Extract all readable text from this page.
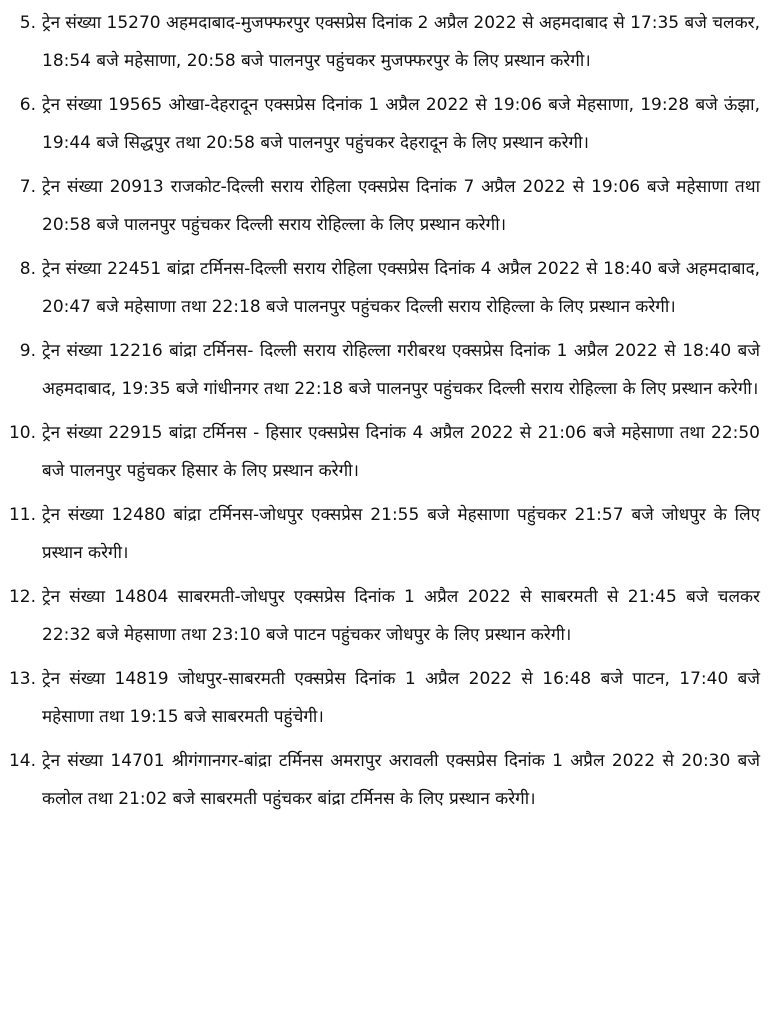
5. ट्रेन संख्या 15270 अहमदाबाद-मुजफ्फरपुर एक्सप्रेस दिनांक 2 अप्रैल 2022 से अहमदाबाद से 17:35 बजे चलकर, 18:54 बजे महेसाणा, 20:58 बजे पालनपुर पहुंचकर मुजफ्फरपुर के लिए प्रस्थान करेगी।

6. ट्रेन संख्या 19565 ओखा-देहरादून एक्सप्रेस दिनांक 1 अप्रैल 2022 से 19:06 बजे मेहसाणा, 19:28 बजे ऊंझा, 19:44 बजे सिद्धपुर तथा 20:58 बजे पालनपुर पहुंचकर देहरादून के लिए प्रस्थान करेगी।

7. ट्रेन संख्या 20913 राजकोट-दिल्ली सराय रोहिला एक्सप्रेस दिनांक 7 अप्रैल 2022 से 19:06 बजे महेसाणा तथा 20:58 बजे पालनपुर पहुंचकर दिल्ली सराय रोहिल्ला के लिए प्रस्थान करेगी।

8. ट्रेन संख्या 22451 बांद्रा टर्मिनस-दिल्ली सराय रोहिला एक्सप्रेस दिनांक 4 अप्रैल 2022 से 18:40 बजे अहमदाबाद, 20:47 बजे महेसाणा तथा 22:18 बजे पालनपुर पहुंचकर दिल्ली सराय रोहिल्ला के लिए प्रस्थान करेगी।

9. ट्रेन संख्या 12216 बांद्रा टर्मिनस- दिल्ली सराय रोहिल्ला गरीबरथ एक्सप्रेस दिनांक 1 अप्रैल 2022 से 18:40 बजे अहमदाबाद, 19:35 बजे गांधीनगर तथा 22:18 बजे पालनपुर पहुंचकर दिल्ली सराय रोहिल्ला के लिए प्रस्थान करेगी।

10. ट्रेन संख्या 22915 बांद्रा टर्मिनस - हिसार एक्सप्रेस दिनांक 4 अप्रैल 2022 से 21:06 बजे महेसाणा तथा 22:50 बजे पालनपुर पहुंचकर हिसार के लिए प्रस्थान करेगी।

11. ट्रेन संख्या 12480 बांद्रा टर्मिनस-जोधपुर एक्सप्रेस 21:55 बजे मेहसाणा पहुंचकर 21:57 बजे जोधपुर के लिए प्रस्थान करेगी।

12. ट्रेन संख्या 14804 साबरमती-जोधपुर एक्सप्रेस दिनांक 1 अप्रैल 2022 से साबरमती से 21:45 बजे चलकर 22:32 बजे मेहसाणा तथा 23:10 बजे पाटन पहुंचकर जोधपुर के लिए प्रस्थान करेगी।

13. ट्रेन संख्या 14819 जोधपुर-साबरमती एक्सप्रेस दिनांक 1 अप्रैल 2022 से 16:48 बजे पाटन, 17:40 बजे महेसाणा तथा 19:15 बजे साबरमती पहुंचेगी।

14. ट्रेन संख्या 14701 श्रीगंगानगर-बांद्रा टर्मिनस अमरापुर अरावली एक्सप्रेस दिनांक 1 अप्रैल 2022 से 20:30 बजे कलोल तथा 21:02 बजे साबरमती पहुंचकर बांद्रा टर्मिनस के लिए प्रस्थान करेगी।
